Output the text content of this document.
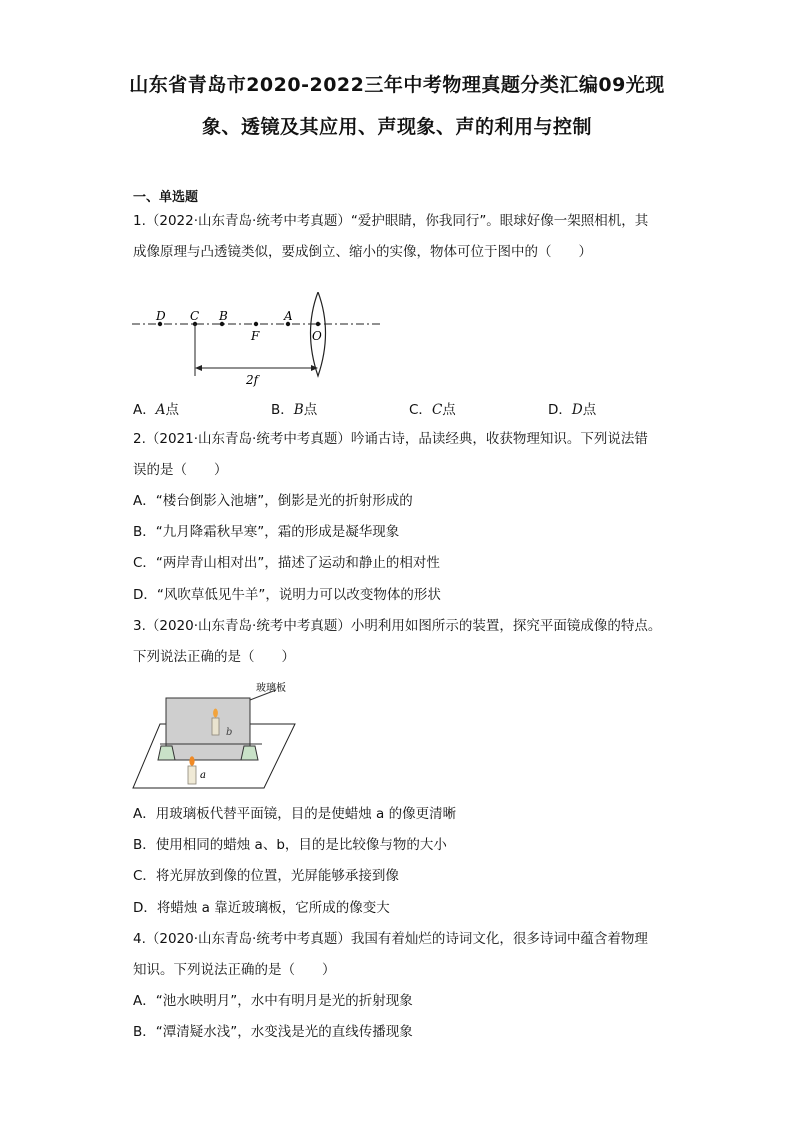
山东省青岛市2020-2022三年中考物理真题分类汇编09光现
象、透镜及其应用、声现象、声的利用与控制
一、单选题
1.（2022·山东青岛·统考中考真题）“爱护眼睛，你我同行”。眼球好像一架照相机，其
成像原理与凸透镜类似，要成倒立、缩小的实像，物体可位于图中的（　　）
D C B
F
A
O
2f
A．A点	B．B点	C．C点	D．D点
2.（2021·山东青岛·统考中考真题）吟诵古诗，品读经典，收获物理知识。下列说法错
误的是（　　）
A．“楼台倒影入池塘”，倒影是光的折射形成的
B．“九月降霜秋早寒”，霜的形成是凝华现象
C．“两岸青山相对出”，描述了运动和静止的相对性
D．“风吹草低见牛羊”，说明力可以改变物体的形状
3.（2020·山东青岛·统考中考真题）小明利用如图所示的装置，探究平面镜成像的特点。
下列说法正确的是（　　）
玻璃板
b
a
A．用玻璃板代替平面镜，目的是使蜡烛 a 的像更清晰
B．使用相同的蜡烛 a、b，目的是比较像与物的大小
C．将光屏放到像的位置，光屏能够承接到像
D．将蜡烛 a 靠近玻璃板，它所成的像变大
4.（2020·山东青岛·统考中考真题）我国有着灿烂的诗词文化，很多诗词中蕴含着物理
知识。下列说法正确的是（　　）
A．“池水映明月”，水中有明月是光的折射现象
B．“潭清疑水浅”，水变浅是光的直线传播现象
